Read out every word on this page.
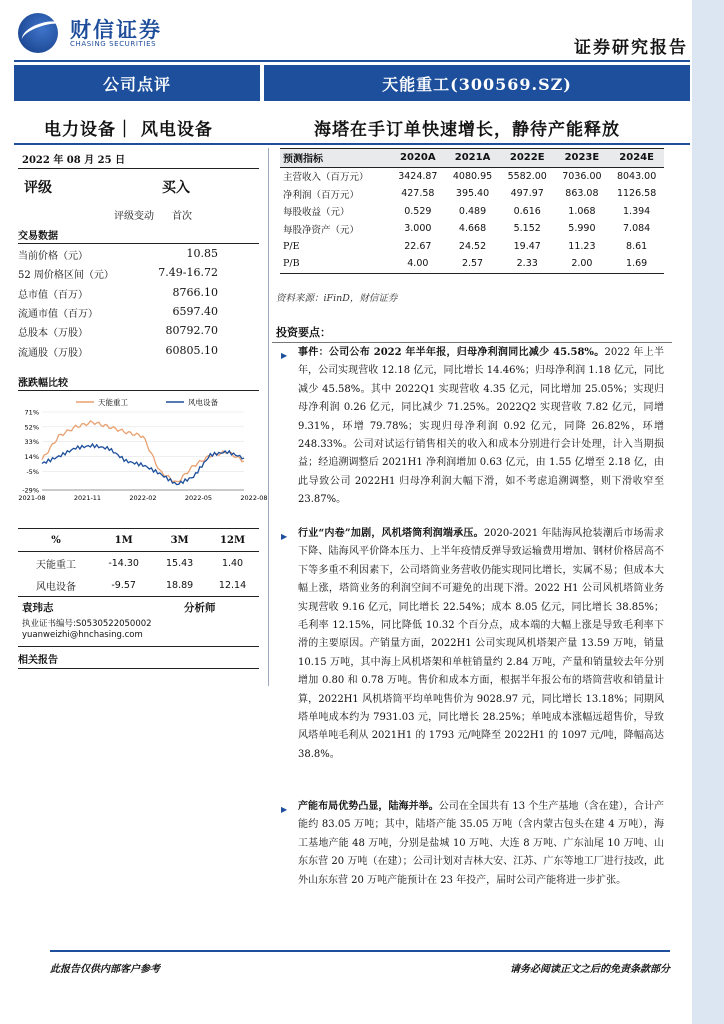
财信证券
CHASING SECURITIES	证券研究报告
公司点评	天能重工(300569.SZ)
电力设备｜ 风电设备	海塔在手订单快速增长，静待产能释放
2022 年 08 月 25 日
评级	买入
评级变动 首次
交易数据
当前价格（元）	10.85
52 周价格区间（元）	7.49-16.72
总市值（百万）	8766.10
流通市值（百万）	6597.40
总股本（万股）	80792.70
流通股（万股）	60805.10
涨跌幅比较
71%
52%
33%
14%
-5%
-29%
2021-08	2021-11	2022-02	2022-05	2022-08
天能重工	风电设备
%	1M	3M	12M
天能重工	-14.30	15.43	1.40
风电设备	-9.57	18.89	12.14
袁玮志	分析师
执业证书编号:S0530522050002
yuanweizhi@hnchasing.com
相关报告
预测指标	2020A	2021A	2022E	2023E	2024E
主营收入（百万元）	3424.87	4080.95	5582.00	7036.00	8043.00
净利润（百万元）	427.58	395.40	497.97	863.08	1126.58
每股收益（元）	0.529	0.489	0.616	1.068	1.394
每股净资产（元）	3.000	4.668	5.152	5.990	7.084
P/E	22.67	24.52	19.47	11.23	8.61
P/B	4.00	2.57	2.33	2.00	1.69
资料来源：iFinD，财信证券
投资要点：
▶ 事件：公司公布 2022 年半年报，归母净利润同比减少 45.58%。2022 年上半年，公司实现营收 12.18 亿元，同比增长 14.46%；归母净利润 1.18 亿元，同比减少 45.58%。其中 2022Q1 实现营收 4.35 亿元，同比增加 25.05%；实现归母净利润 0.26 亿元，同比减少 71.25%。2022Q2 实现营收 7.82 亿元，同增 9.31%，环增 79.78%；实现归母净利润 0.92 亿元，同降 26.82%，环增 248.33%。公司对试运行销售相关的收入和成本分别进行会计处理，计入当期损益；经追溯调整后 2021H1 净利润增加 0.63 亿元，由 1.55 亿增至 2.18 亿，由此导致公司 2022H1 归母净利润大幅下滑，如不考虑追溯调整，则下滑收窄至 23.87%。

▶ 行业“内卷”加剧，风机塔筒利润端承压。2020-2021 年陆海风抢装潮后市场需求下降、陆海风平价降本压力、上半年疫情反弹导致运输费用增加、钢材价格居高不下等多重不利因素下，公司塔筒业务营收仍能实现同比增长，实属不易；但成本大幅上涨，塔筒业务的利润空间不可避免的出现下滑。2022 H1 公司风机塔筒业务实现营收 9.16 亿元，同比增长 22.54%；成本 8.05 亿元，同比增长 38.85%；毛利率 12.15%，同比降低 10.32 个百分点，成本端的大幅上涨是导致毛利率下滑的主要原因。产销量方面，2022H1 公司实现风机塔架产量 13.59 万吨，销量 10.15 万吨，其中海上风机塔架和单桩销量约 2.84 万吨，产量和销量较去年分别增加 0.80 和 0.78 万吨。售价和成本方面，根据半年报公布的塔筒营收和销量计算，2022H1 风机塔筒平均单吨售价为 9028.97 元，同比增长 13.18%；同期风塔单吨成本约为 7931.03 元，同比增长 28.25%；单吨成本涨幅远超售价，导致风塔单吨毛利从 2021H1 的 1793 元/吨降至 2022H1 的 1097 元/吨，降幅高达 38.8%。

▶ 产能布局优势凸显，陆海并举。公司在全国共有 13 个生产基地（含在建），合计产能约 83.05 万吨；其中，陆塔产能 35.05 万吨（含内蒙古包头在建 4 万吨），海工基地产能 48 万吨，分别是盐城 10 万吨、大连 8 万吨、广东汕尾 10 万吨、山东东营 20 万吨（在建）；公司计划对吉林大安、江苏、广东等地工厂进行技改，此外山东东营 20 万吨产能预计在 23 年投产，届时公司产能将进一步扩张。

此报告仅供内部客户参考	请务必阅读正文之后的免责条款部分
